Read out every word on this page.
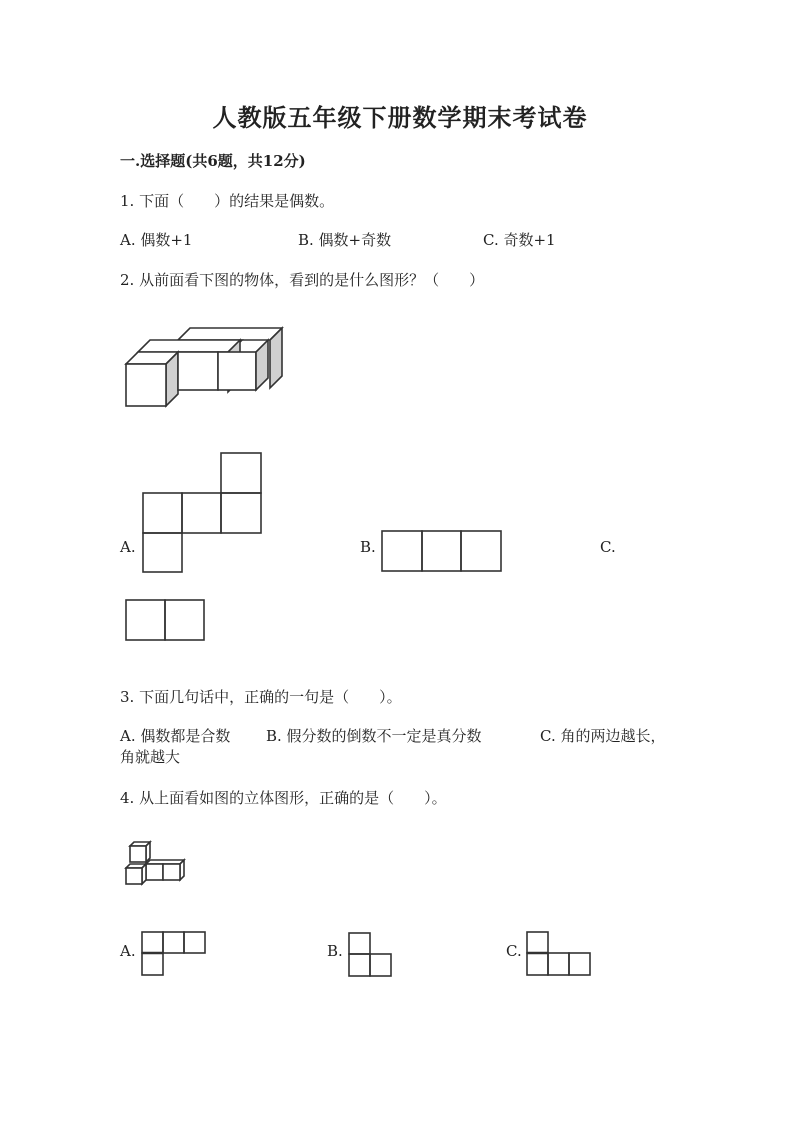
人教版五年级下册数学期末考试卷
一.选择题(共6题，共12分)
1. 下面（　　）的结果是偶数。
A. 偶数+1	B. 偶数+奇数	C. 奇数+1
2. 从前面看下图的物体，看到的是什么图形？（　　）
A.	B.	C.
3. 下面几句话中，正确的一句是（　　）。
A. 偶数都是合数 B. 假分数的倒数不一定是真分数	C. 角的两边越长，
角就越大
4. 从上面看如图的立体图形，正确的是（　　）。
A.	B.	C.
